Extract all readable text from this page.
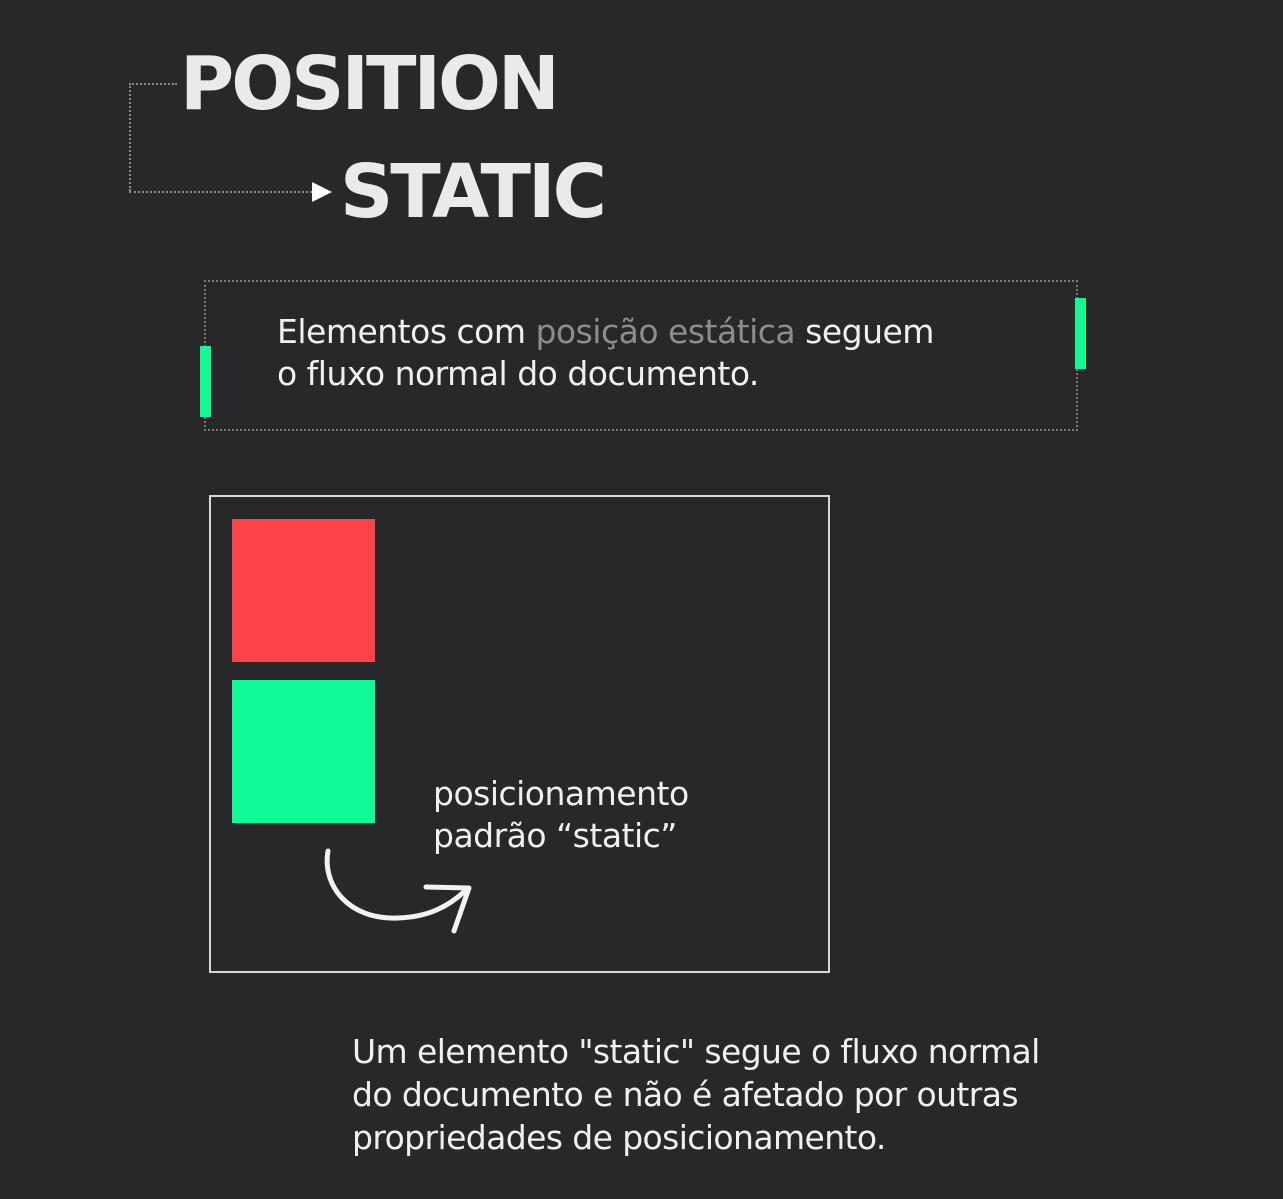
POSITION
STATIC
Elementos com posição estática seguem
o fluxo normal do documento.
posicionamento
padrão “static”
Um elemento "static" segue o fluxo normal
do documento e não é afetado por outras
propriedades de posicionamento.
